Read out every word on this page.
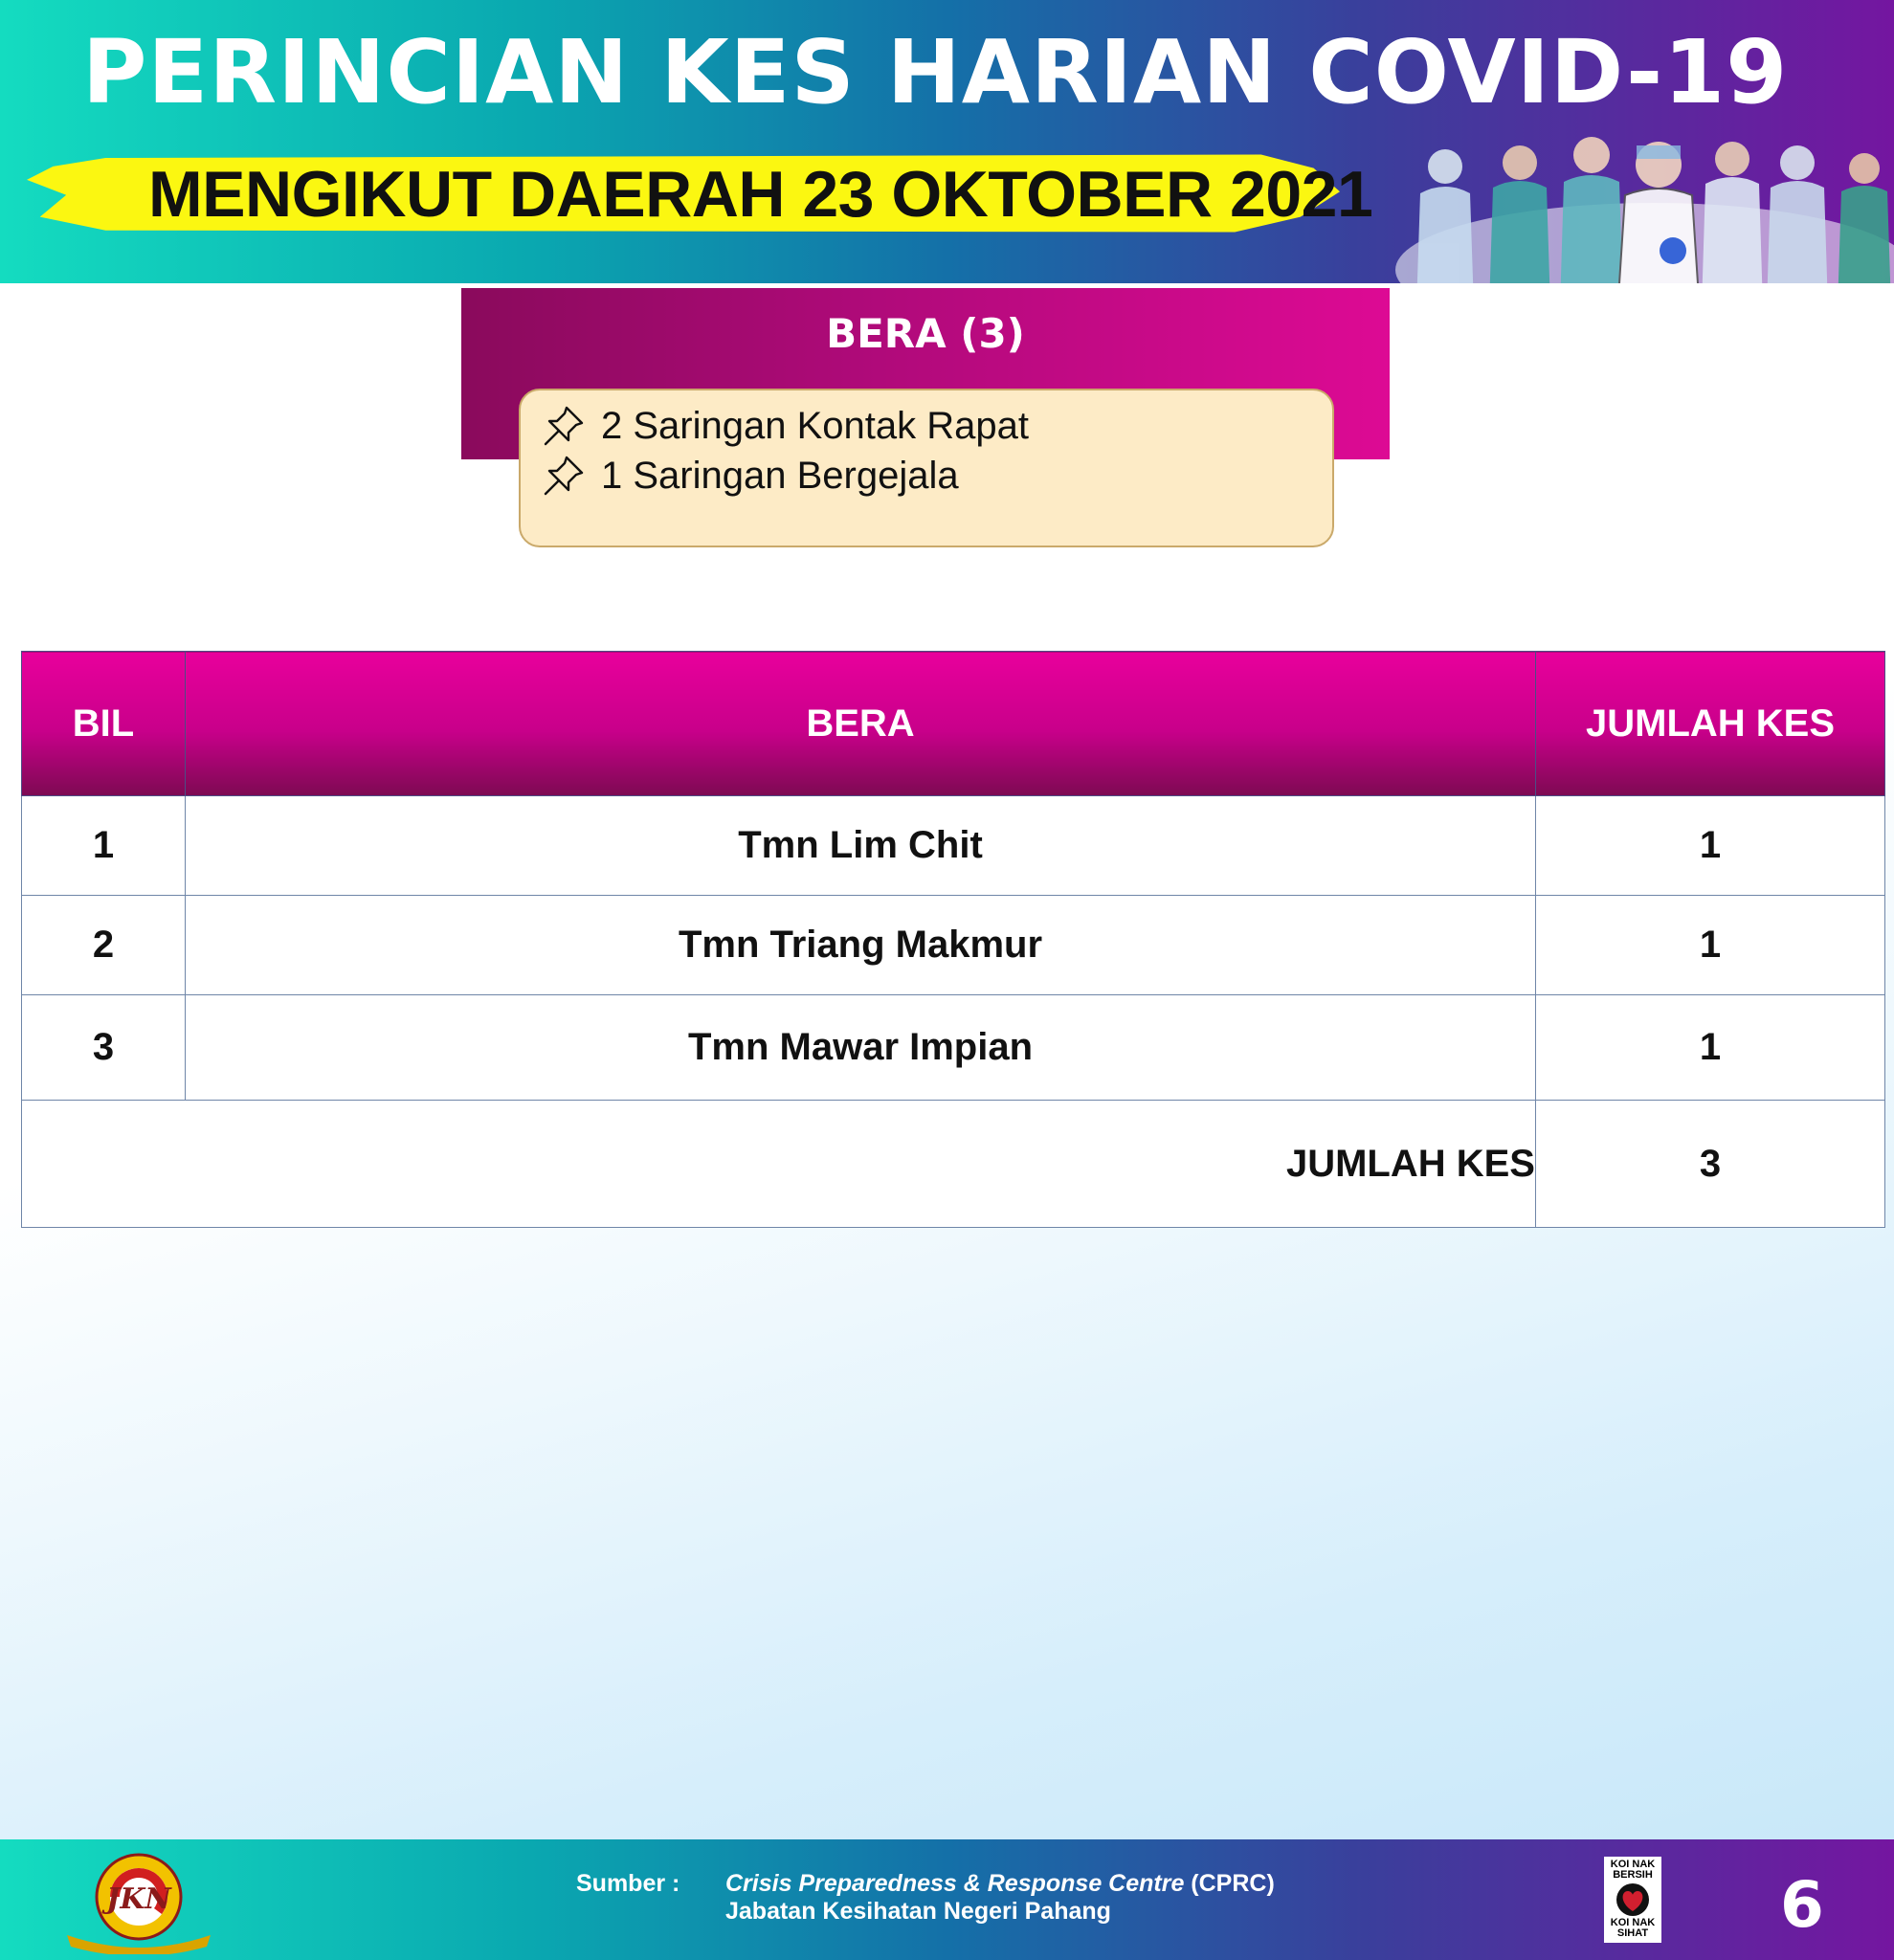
PERINCIAN KES HARIAN COVID-19
MENGIKUT DAERAH 23 OKTOBER 2021
BERA (3)
2 Saringan Kontak Rapat
1 Saringan Bergejala
BIL	BERA	JUMLAH KES
1	Tmn Lim Chit	1
2	Tmn Triang Makmur	1
3	Tmn Mawar Impian	1
JUMLAH KES		3
JKN	Sumber : Crisis Preparedness & Response Centre (CPRC)
Jabatan Kesihatan Negeri Pahang
KOI NAK BERSIH
KOI NAK SIHAT 6
